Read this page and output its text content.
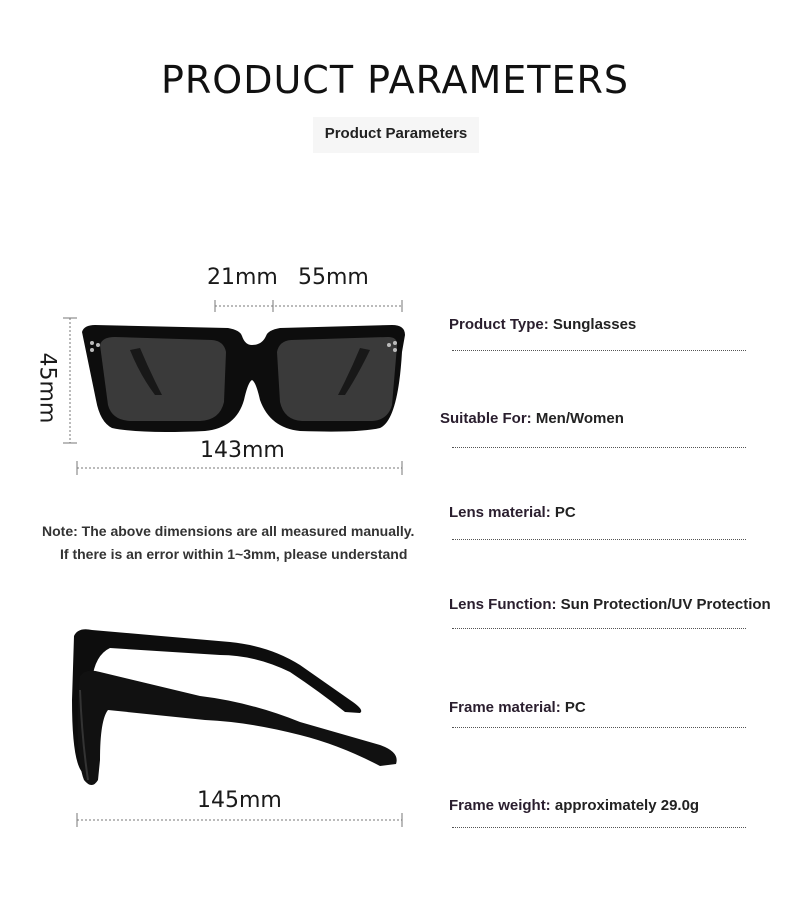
PRODUCT PARAMETERS
Product Parameters
21mm 55mm
45mm
143mm
145mm
Note: The above dimensions are all measured manually.
If there is an error within 1~3mm, please understand
Product Type: Sunglasses
Suitable For: Men/Women
Lens material: PC
Lens Function: Sun Protection/UV Protection
Frame material: PC
Frame weight: approximately 29.0g
